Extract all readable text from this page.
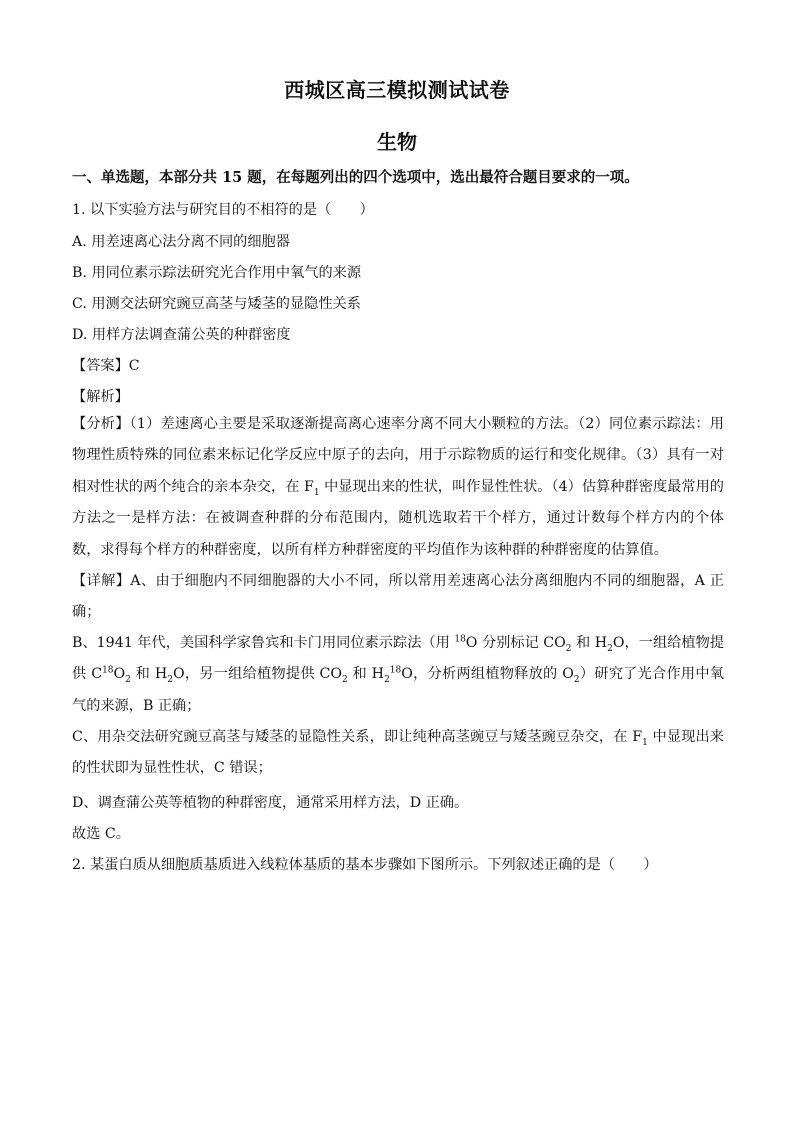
西城区高三模拟测试试卷
生物
一、单选题，本部分共 15 题，在每题列出的四个选项中，选出最符合题目要求的一项。
1. 以下实验方法与研究目的不相符的是（　　）
A. 用差速离心法分离不同的细胞器
B. 用同位素示踪法研究光合作用中氧气的来源
C. 用测交法研究豌豆高茎与矮茎的显隐性关系
D. 用样方法调查蒲公英的种群密度
【答案】C
【解析】
【分析】（1）差速离心主要是采取逐渐提高离心速率分离不同大小颗粒的方法。（2）同位素示踪法：用物理性质特殊的同位素来标记化学反应中原子的去向，用于示踪物质的运行和变化规律。（3）具有一对相对性状的两个纯合的亲本杂交，在 $F_1$ 中显现出来的性状，叫作显性性状。（4）估算种群密度最常用的方法之一是样方法：在被调查种群的分布范围内，随机选取若干个样方，通过计数每个样方内的个体数，求得每个样方的种群密度，以所有样方种群密度的平均值作为该种群的种群密度的估算值。
【详解】A、由于细胞内不同细胞器的大小不同，所以常用差速离心法分离细胞内不同的细胞器，A 正确；
B、1941 年代，美国科学家鲁宾和卡门用同位素示踪法（用 $^{18}$O 分别标记 $CO_2$ 和 $H_2O$，一组给植物提供 $C^{18}O_2$ 和 $H_2O$，另一组给植物提供 $CO_2$ 和 $H_2^{18}O$，分析两组植物释放的 $O_2$）研究了光合作用中氧气的来源，B 正确；
C、用杂交法研究豌豆高茎与矮茎的显隐性关系，即让纯种高茎豌豆与矮茎豌豆杂交，在 $F_1$ 中显现出来的性状即为显性性状，C 错误；
D、调查蒲公英等植物的种群密度，通常采用样方法，D 正确。
故选 C。
2. 某蛋白质从细胞质基质进入线粒体基质的基本步骤如下图所示。下列叙述正确的是（　　）
